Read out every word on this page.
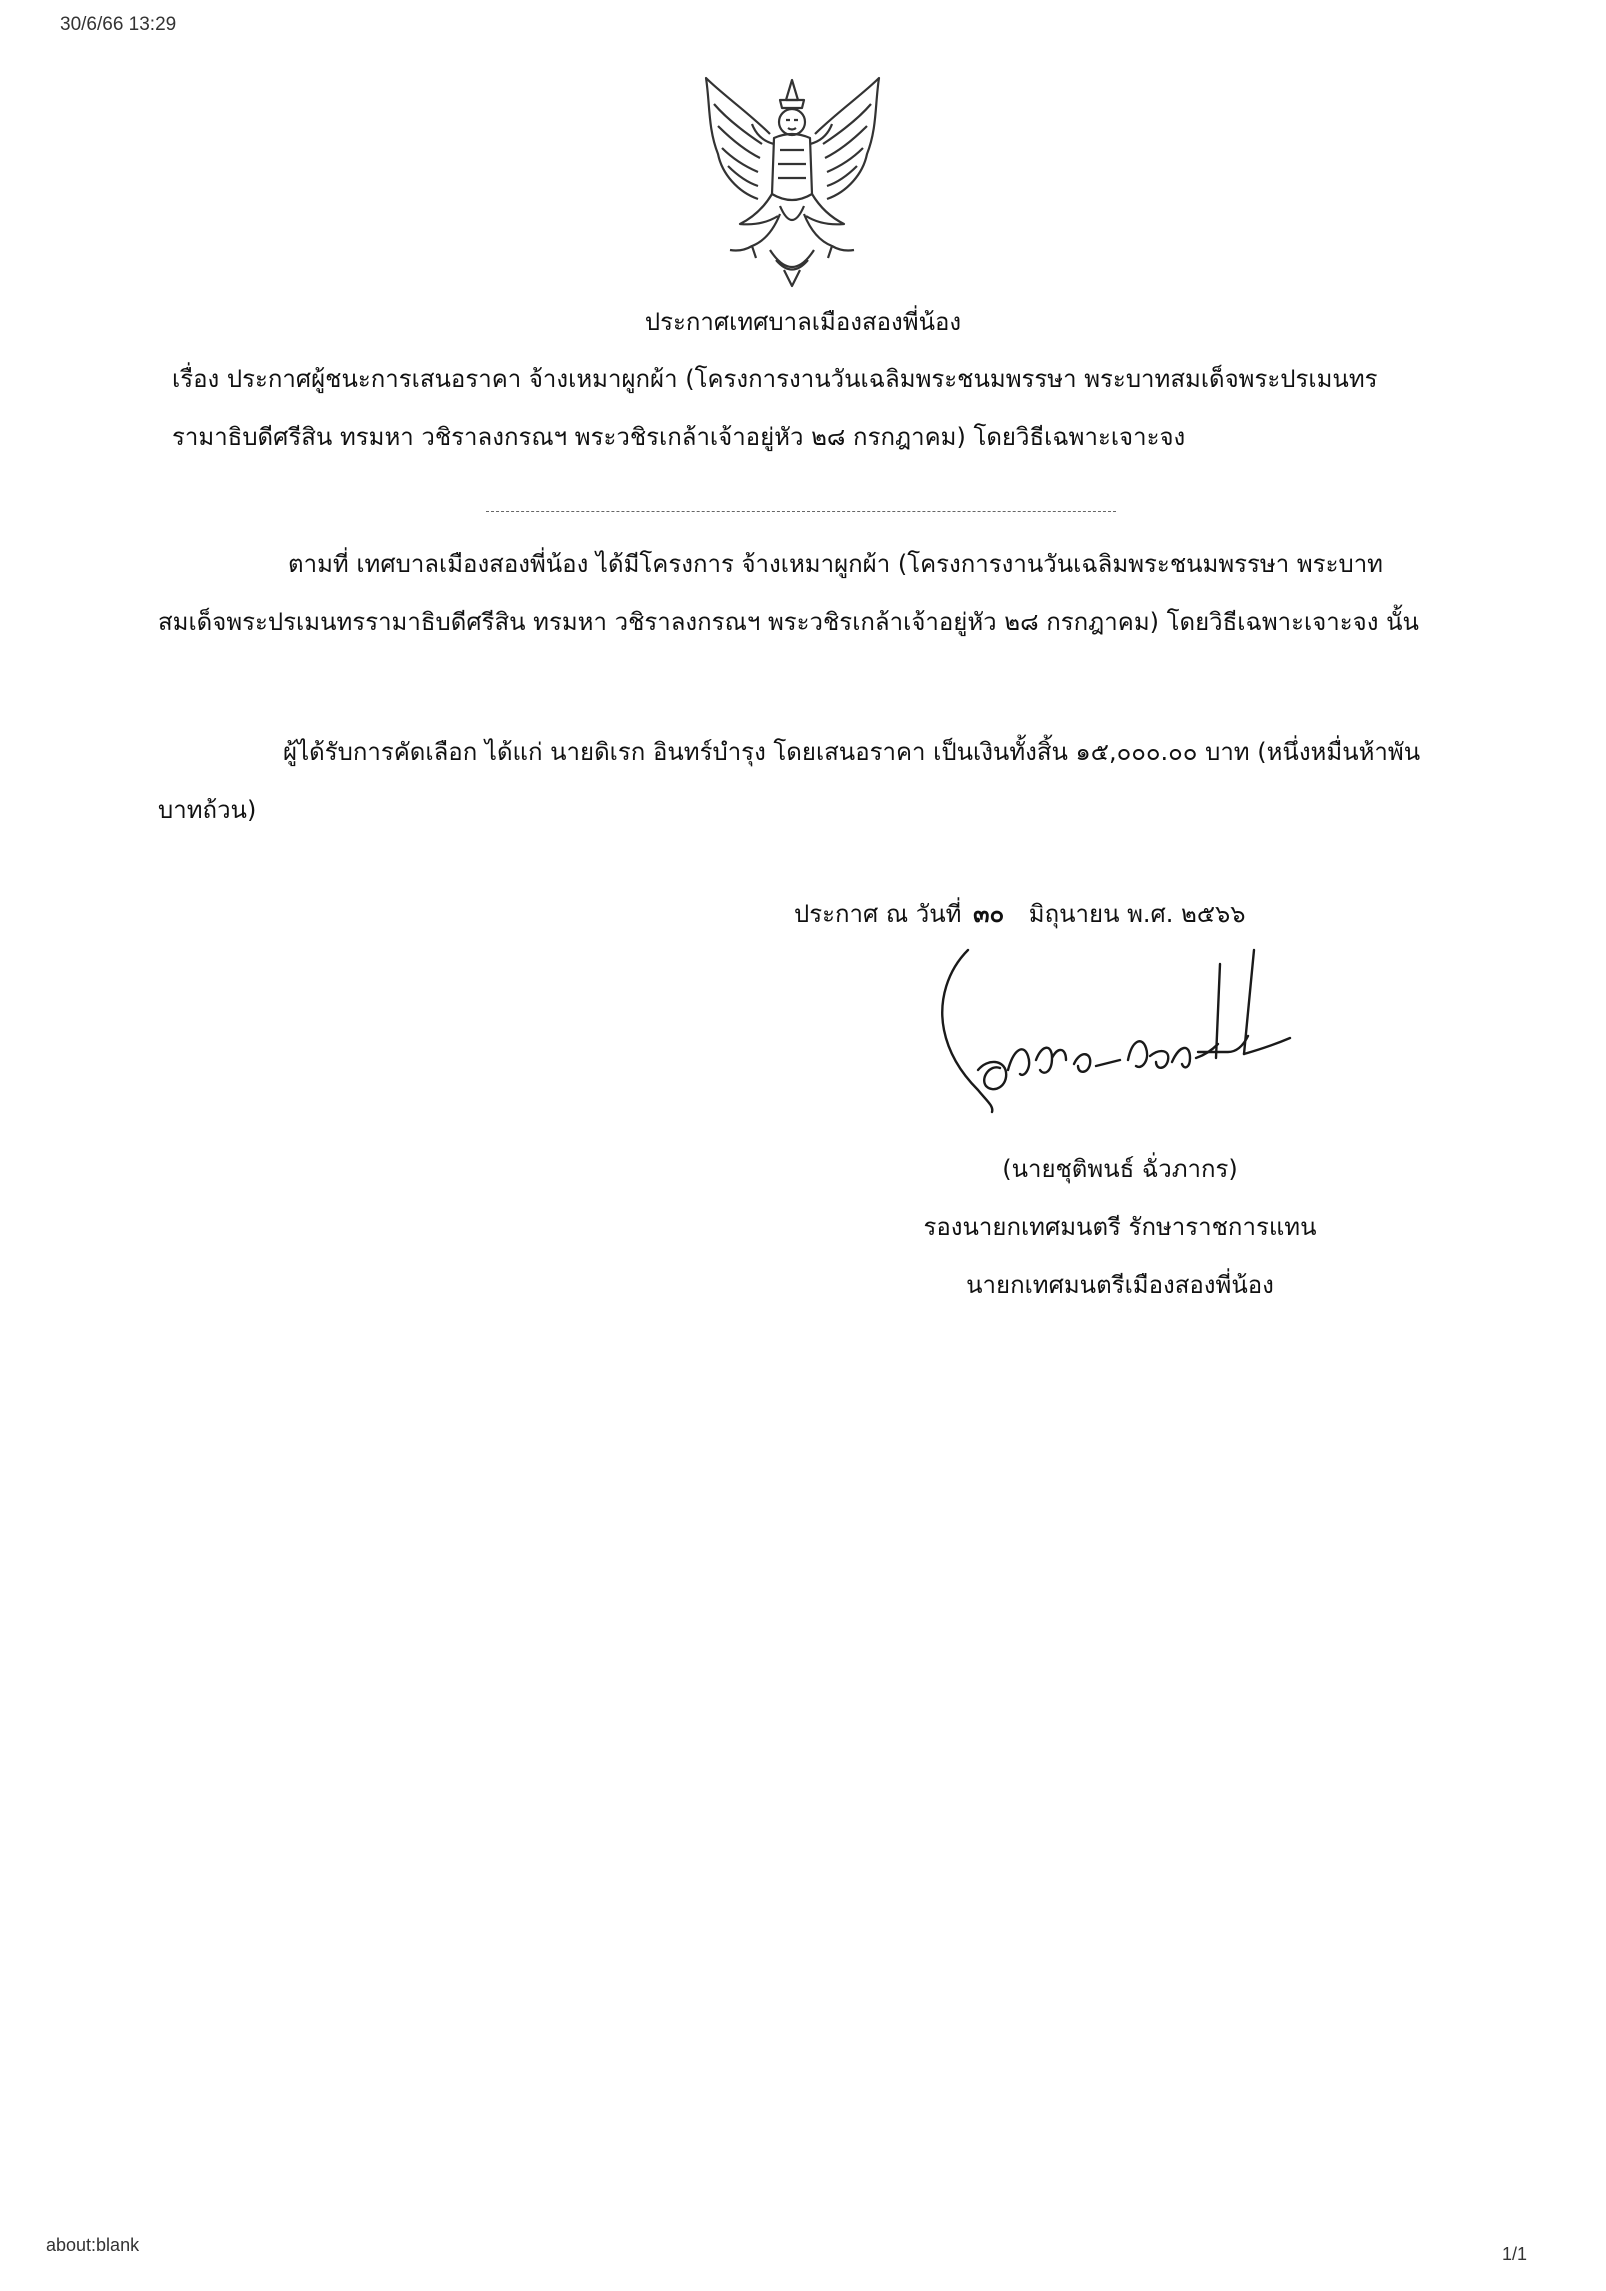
30/6/66 13:29
ประกาศเทศบาลเมืองสองพี่น้อง
เรื่อง ประกาศผู้ชนะการเสนอราคา จ้างเหมาผูกผ้า (โครงการงานวันเฉลิมพระชนมพรรษา พระบาทสมเด็จพระปรเมนทรรามาธิบดีศรีสิน ทรมหา วชิราลงกรณฯ พระวชิรเกล้าเจ้าอยู่หัว ๒๘ กรกฎาคม) โดยวิธีเฉพาะเจาะจง
ตามที่ เทศบาลเมืองสองพี่น้อง ได้มีโครงการ จ้างเหมาผูกผ้า (โครงการงานวันเฉลิมพระชนมพรรษา พระบาทสมเด็จพระปรเมนทรรามาธิบดีศรีสิน ทรมหา วชิราลงกรณฯ พระวชิรเกล้าเจ้าอยู่หัว ๒๘ กรกฎาคม) โดยวิธีเฉพาะเจาะจง นั้น
ผู้ได้รับการคัดเลือก ได้แก่ นายดิเรก อินทร์บำรุง โดยเสนอราคา เป็นเงินทั้งสิ้น ๑๕,๐๐๐.๐๐ บาท (หนึ่งหมื่นห้าพันบาทถ้วน)
ประกาศ ณ วันที่ ๓๐ มิถุนายน พ.ศ. ๒๕๖๖
(นายชุติพนธ์ ฉั่วภากร)
รองนายกเทศมนตรี รักษาราชการแทน
นายกเทศมนตรีเมืองสองพี่น้อง
about:blank	1/1
